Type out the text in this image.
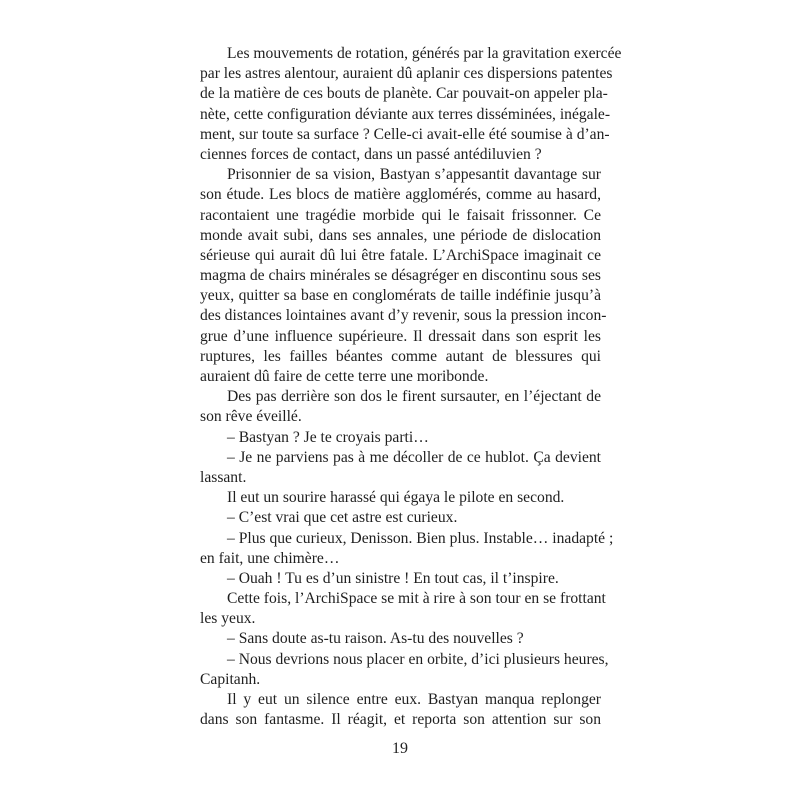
Les mouvements de rotation, générés par la gravitation exercée
par les astres alentour, auraient dû aplanir ces dispersions patentes
de la matière de ces bouts de planète. Car pouvait-on appeler pla-
nète, cette configuration déviante aux terres disséminées, inégale-
ment, sur toute sa surface ? Celle-ci avait-elle été soumise à d’an-
ciennes forces de contact, dans un passé antédiluvien ?
Prisonnier de sa vision, Bastyan s’appesantit davantage sur
son étude. Les blocs de matière agglomérés, comme au hasard,
racontaient une tragédie morbide qui le faisait frissonner. Ce
monde avait subi, dans ses annales, une période de dislocation
sérieuse qui aurait dû lui être fatale. L’ArchiSpace imaginait ce
magma de chairs minérales se désagréger en discontinu sous ses
yeux, quitter sa base en conglomérats de taille indéfinie jusqu’à
des distances lointaines avant d’y revenir, sous la pression incon-
grue d’une influence supérieure. Il dressait dans son esprit les
ruptures, les failles béantes comme autant de blessures qui
auraient dû faire de cette terre une moribonde.
Des pas derrière son dos le firent sursauter, en l’éjectant de
son rêve éveillé.
– Bastyan ? Je te croyais parti…
– Je ne parviens pas à me décoller de ce hublot. Ça devient
lassant.
Il eut un sourire harassé qui égaya le pilote en second.
– C’est vrai que cet astre est curieux.
– Plus que curieux, Denisson. Bien plus. Instable… inadapté ;
en fait, une chimère…
– Ouah ! Tu es d’un sinistre ! En tout cas, il t’inspire.
Cette fois, l’ArchiSpace se mit à rire à son tour en se frottant
les yeux.
– Sans doute as-tu raison. As-tu des nouvelles ?
– Nous devrions nous placer en orbite, d’ici plusieurs heures,
Capitanh.
Il y eut un silence entre eux. Bastyan manqua replonger
dans son fantasme. Il réagit, et reporta son attention sur son
19
